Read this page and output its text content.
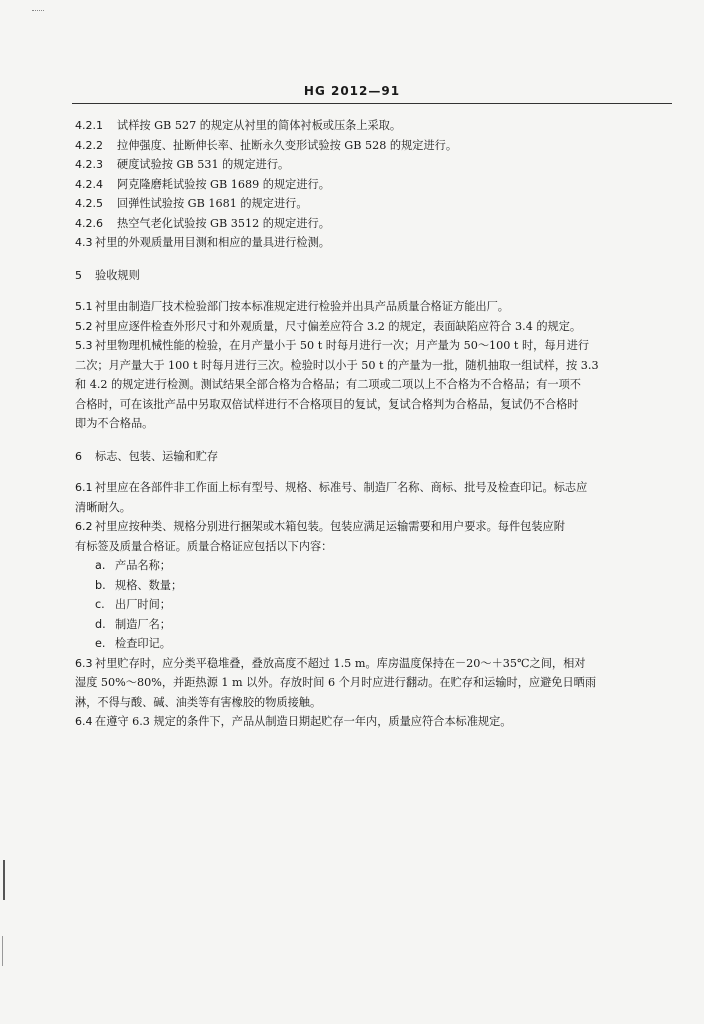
HG 2012—91
4.2.1 试样按 GB 527 的规定从衬里的简体衬板或压条上采取。
4.2.2 拉伸强度、扯断伸长率、扯断永久变形试验按 GB 528 的规定进行。
4.2.3 硬度试验按 GB 531 的规定进行。
4.2.4 阿克隆磨耗试验按 GB 1689 的规定进行。
4.2.5 回弹性试验按 GB 1681 的规定进行。
4.2.6 热空气老化试验按 GB 3512 的规定进行。
4.3 衬里的外观质量用目测和相应的量具进行检测。
5 验收规则
5.1 衬里由制造厂技术检验部门按本标准规定进行检验并出具产品质量合格证方能出厂。
5.2 衬里应逐件检查外形尺寸和外观质量，尺寸偏差应符合 3.2 的规定，表面缺陷应符合 3.4 的规定。
5.3 衬里物理机械性能的检验，在月产量小于 50 t 时每月进行一次；月产量为 50～100 t 时，每月进行
二次；月产量大于 100 t 时每月进行三次。检验时以小于 50 t 的产量为一批，随机抽取一组试样，按 3.3
和 4.2 的规定进行检测。测试结果全部合格为合格品；有二项或二项以上不合格为不合格品；有一项不
合格时，可在该批产品中另取双倍试样进行不合格项目的复试，复试合格判为合格品，复试仍不合格时
即为不合格品。
6 标志、包装、运输和贮存
6.1 衬里应在各部件非工作面上标有型号、规格、标准号、制造厂名称、商标、批号及检查印记。标志应
清晰耐久。
6.2 衬里应按种类、规格分别进行捆架或木箱包装。包装应满足运输需要和用户要求。每件包装应附
有标签及质量合格证。质量合格证应包括以下内容：
a. 产品名称；
b. 规格、数量；
c. 出厂时间；
d. 制造厂名；
e. 检查印记。
6.3 衬里贮存时，应分类平稳堆叠，叠放高度不超过 1.5 m。库房温度保持在－20～＋35℃之间，相对
湿度 50%～80%，并距热源 1 m 以外。存放时间 6 个月时应进行翻动。在贮存和运输时，应避免日晒雨
淋，不得与酸、碱、油类等有害橡胶的物质接触。
6.4 在遵守 6.3 规定的条件下，产品从制造日期起贮存一年内，质量应符合本标准规定。
